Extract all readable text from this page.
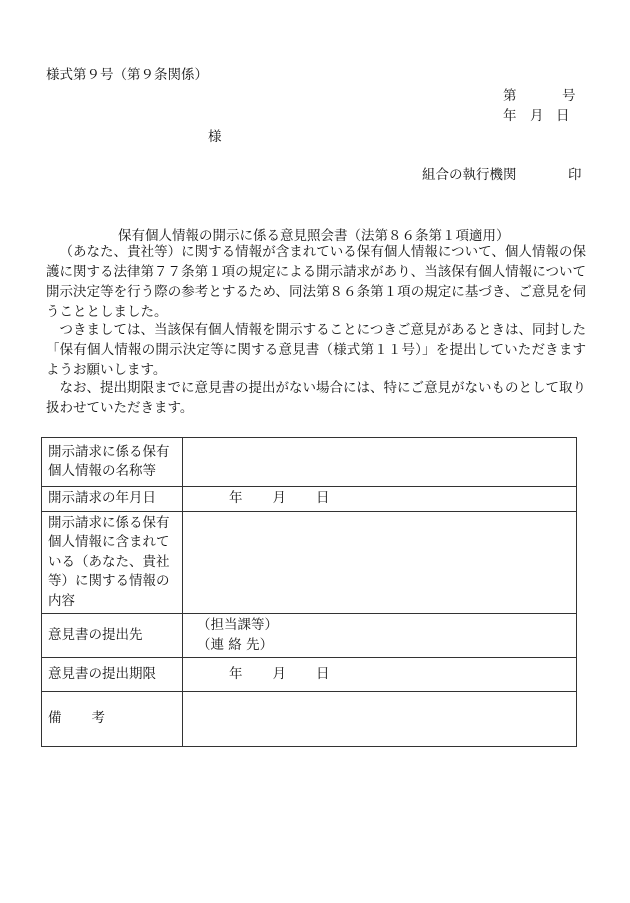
様式第９号（第９条関係）
第	号
年 月 日
様
組合の執行機関	印
保有個人情報の開示に係る意見照会書（法第８６条第１項適用）

（あなた、貴社等）に関する情報が含まれている保有個人情報について、個人情報の保護に関する法律第７７条第１項の規定による開示請求があり、当該保有個人情報について開示決定等を行う際の参考とするため、同法第８６条第１項の規定に基づき、ご意見を伺うこととしました。

つきましては、当該保有個人情報を開示することにつきご意見があるときは、同封した「保有個人情報の開示決定等に関する意見書（様式第１１号）」を提出していただきますようお願いします。

なお、提出期限までに意見書の提出がない場合には、特にご意見がないものとして取り扱わせていただきます。

開示請求に係る保有個人情報の名称等	
開示請求の年月日	年 月 日
開示請求に係る保有個人情報に含まれている（あなた、貴社等）に関する情報の内容	
意見書の提出先	（担当課等）
（連 絡 先）

意見書の提出期限	年 月 日
備 考	
